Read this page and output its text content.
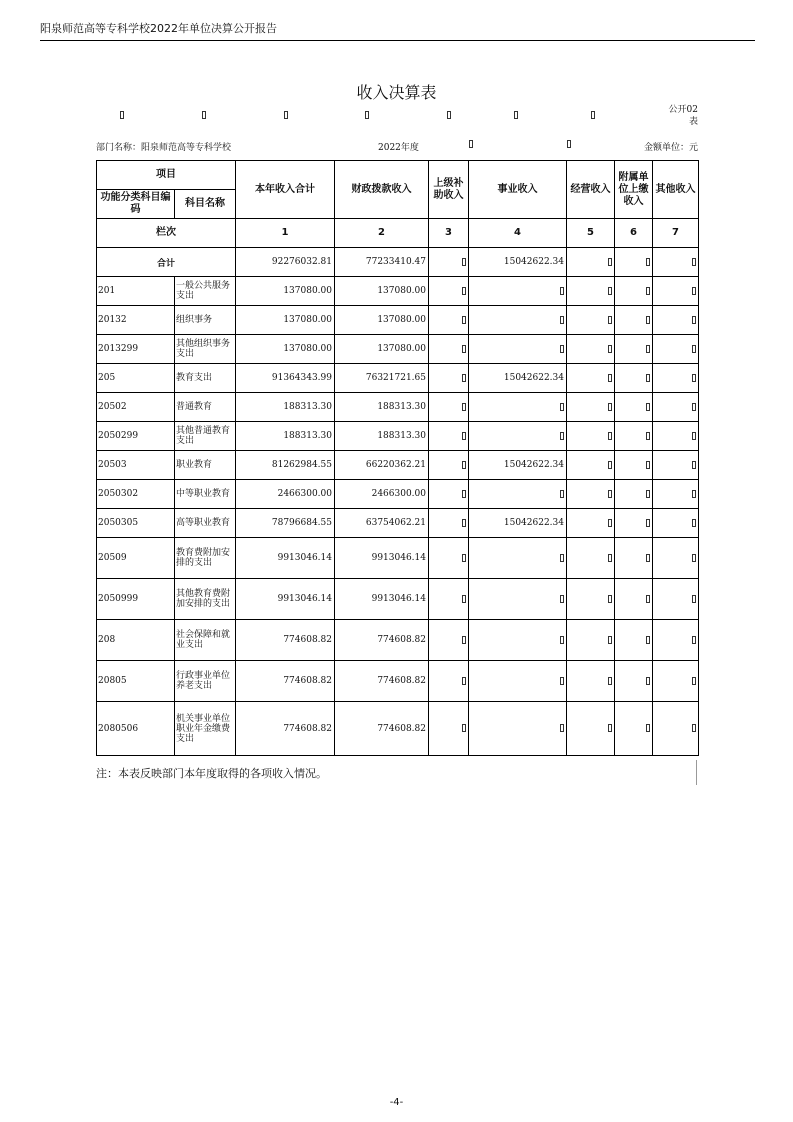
阳泉师范高等专科学校2022年单位决算公开报告
收入决算表
公开02
表
部门名称：阳泉师范高等专科学校	2022年度	金额单位：元
项目		本年收入合计	财政拨款收入	上级补助收入	事业收入	经营收入	附属单位上缴收入	其他收入
功能分类科目编码	科目名称							
栏次		1	2	3	4	5	6	7
合计		92276032.81	77233410.47		15042622.34			
201	一般公共服务支出	137080.00	137080.00					
20132	组织事务	137080.00	137080.00					
2013299	其他组织事务支出	137080.00	137080.00					
205	教育支出	91364343.99	76321721.65		15042622.34			
20502	普通教育	188313.30	188313.30					
2050299	其他普通教育支出	188313.30	188313.30					
20503	职业教育	81262984.55	66220362.21		15042622.34			
2050302	中等职业教育	2466300.00	2466300.00					
2050305	高等职业教育	78796684.55	63754062.21		15042622.34			
20509	教育费附加安排的支出	9913046.14	9913046.14					
2050999	其他教育费附加安排的支出	9913046.14	9913046.14					
208	社会保障和就业支出	774608.82	774608.82					
20805	行政事业单位养老支出	774608.82	774608.82					
2080506	机关事业单位职业年金缴费支出	774608.82	774608.82					
注：本表反映部门本年度取得的各项收入情况。
-4-
